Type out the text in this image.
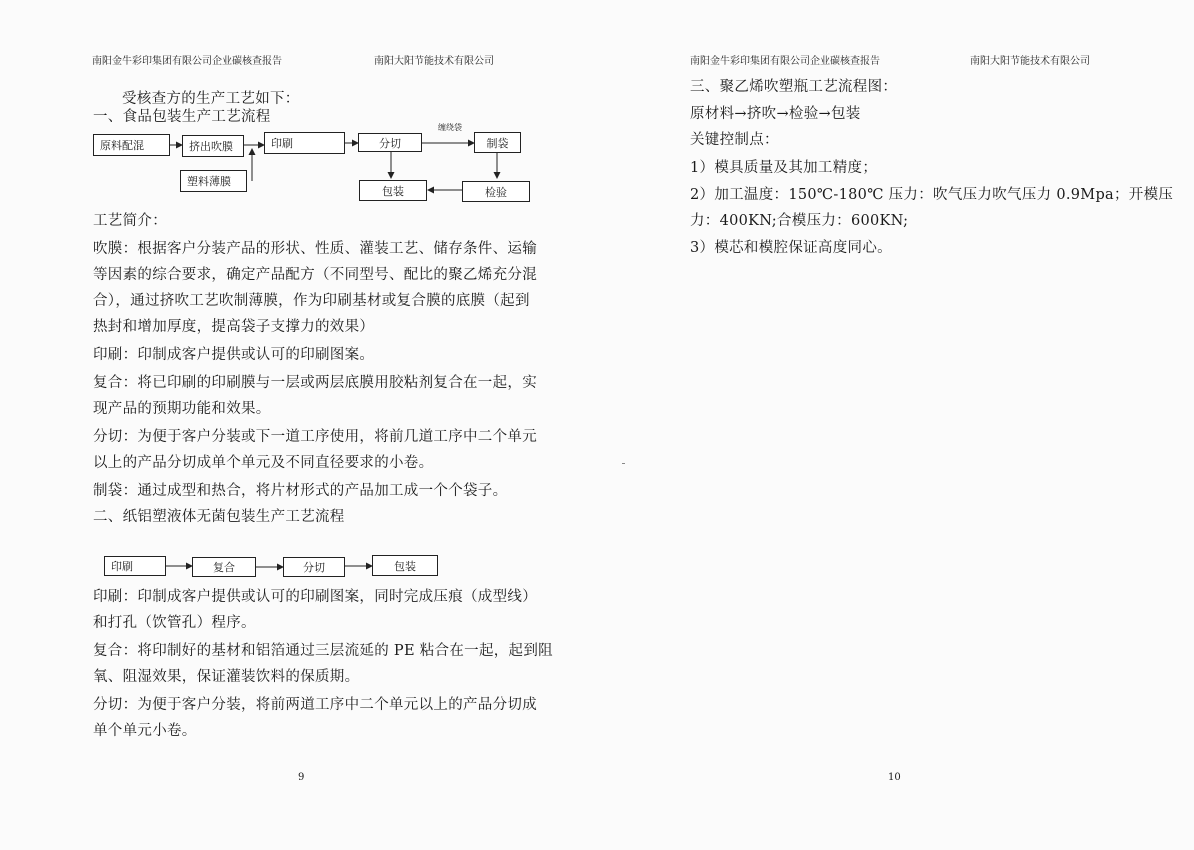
南阳金牛彩印集团有限公司企业碳核查报告	南阳大阳节能技术有限公司
受核查方的生产工艺如下：
一、食品包装生产工艺流程
原料配混	挤出吹膜	印刷	分切	制袋
塑料薄膜
包装	检验
缠绕袋
工艺简介：
吹膜：根据客户分装产品的形状、性质、灌装工艺、储存条件、运输
等因素的综合要求，确定产品配方（不同型号、配比的聚乙烯充分混
合），通过挤吹工艺吹制薄膜，作为印刷基材或复合膜的底膜（起到
热封和增加厚度，提高袋子支撑力的效果）
印刷：印制成客户提供或认可的印刷图案。
复合：将已印刷的印刷膜与一层或两层底膜用胶粘剂复合在一起，实
现产品的预期功能和效果。
分切：为便于客户分装或下一道工序使用，将前几道工序中二个单元
以上的产品分切成单个单元及不同直径要求的小卷。
制袋：通过成型和热合，将片材形式的产品加工成一个个袋子。
二、纸铝塑液体无菌包装生产工艺流程
印刷	复合	分切	包装
印刷：印制成客户提供或认可的印刷图案，同时完成压痕（成型线）
和打孔（饮管孔）程序。
复合：将印制好的基材和铝箔通过三层流延的 PE 粘合在一起，起到阻
氧、阻湿效果，保证灌装饮料的保质期。
分切：为便于客户分装，将前两道工序中二个单元以上的产品分切成
单个单元小卷。
9
南阳金牛彩印集团有限公司企业碳核查报告	南阳大阳节能技术有限公司
三、聚乙烯吹塑瓶工艺流程图：
原材料→挤吹→检验→包装
关键控制点：
1）模具质量及其加工精度；
2）加工温度：150℃-180℃ 压力：吹气压力吹气压力 0.9Mpa；开模压
力：400KN;合模压力：600KN;
3）模芯和模腔保证高度同心。
10
